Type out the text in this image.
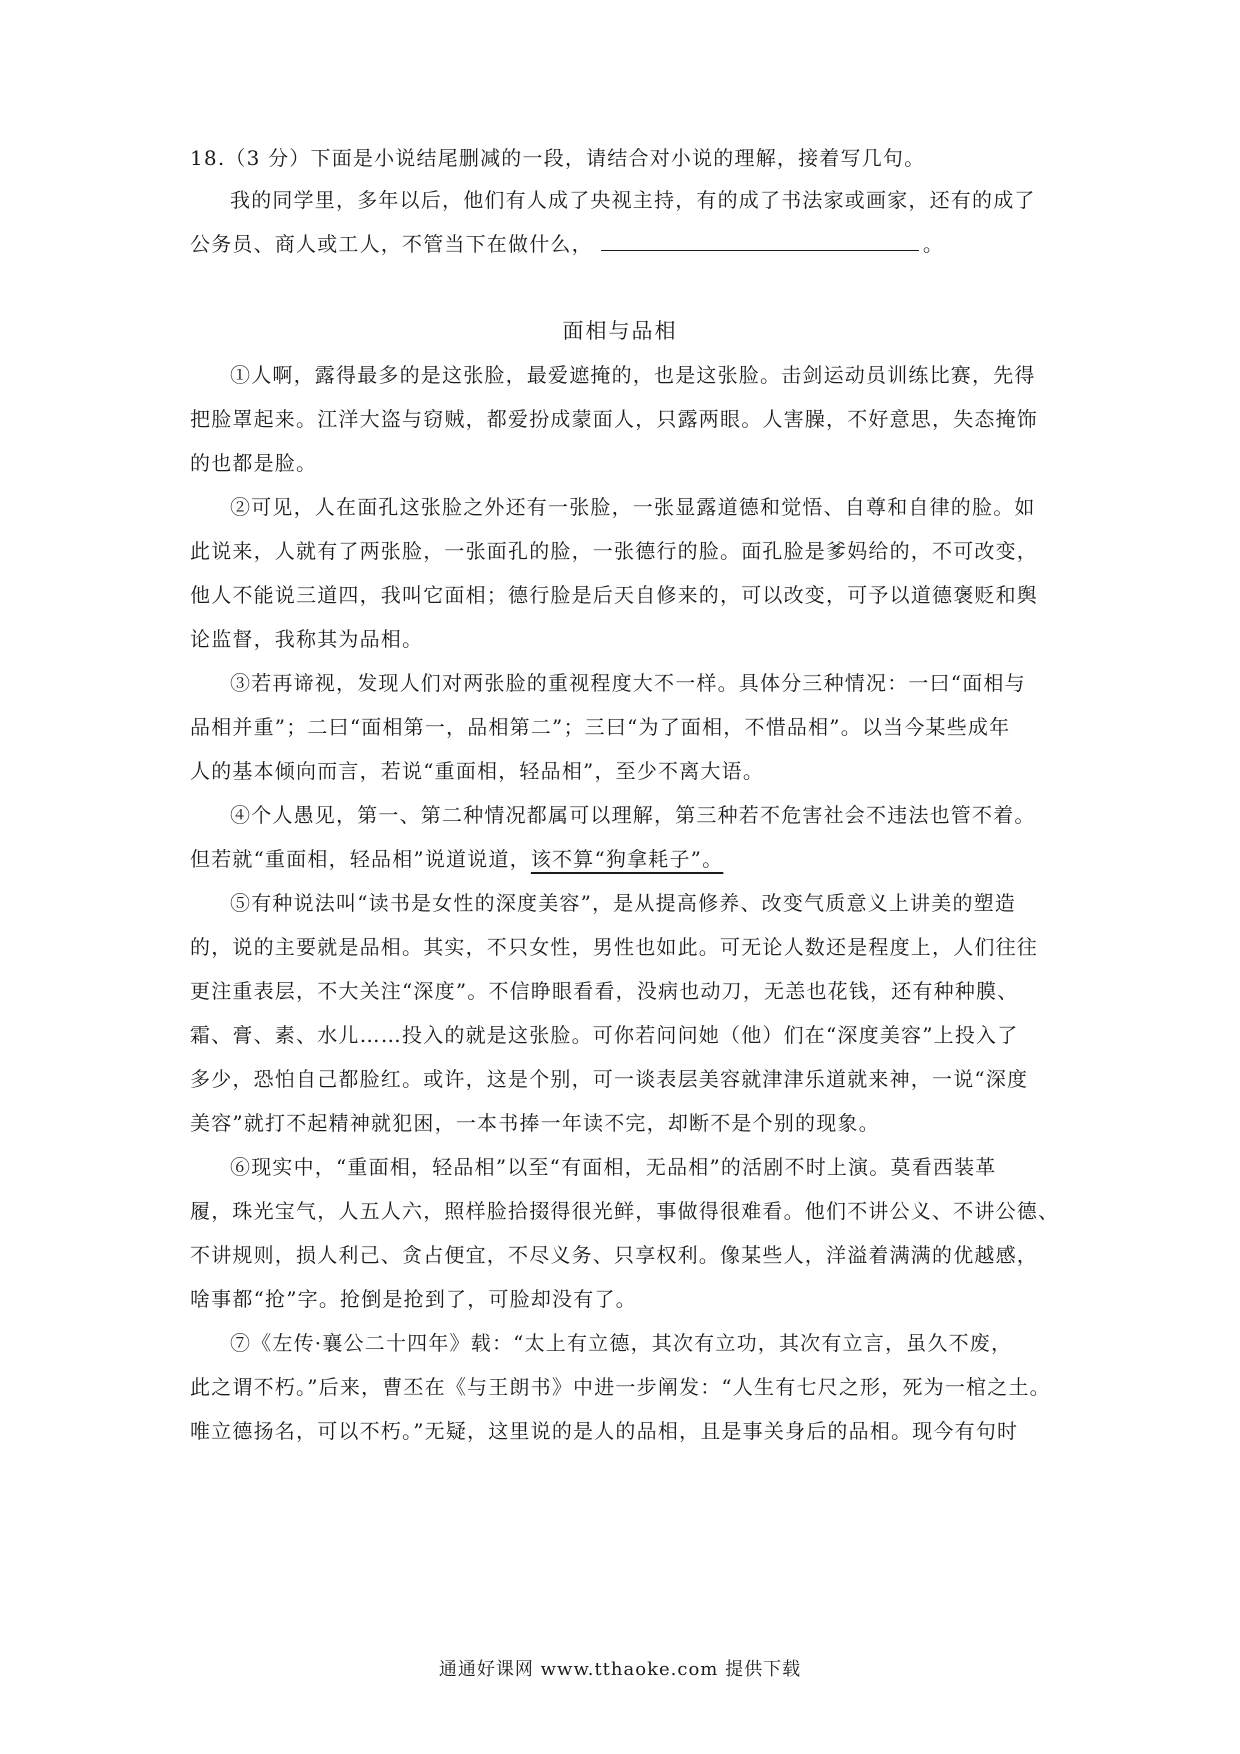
18.（3 分）下面是小说结尾删减的一段，请结合对小说的理解，接着写几句。
我的同学里，多年以后，他们有人成了央视主持，有的成了书法家或画家，还有的成了
公务员、商人或工人，不管当下在做什么，	。
面相与品相
①人啊，露得最多的是这张脸，最爱遮掩的，也是这张脸。击剑运动员训练比赛，先得
把脸罩起来。江洋大盗与窃贼，都爱扮成蒙面人，只露两眼。人害臊，不好意思，失态掩饰
的也都是脸。
②可见，人在面孔这张脸之外还有一张脸，一张显露道德和觉悟、自尊和自律的脸。如
此说来，人就有了两张脸，一张面孔的脸，一张德行的脸。面孔脸是爹妈给的，不可改变，
他人不能说三道四，我叫它面相；德行脸是后天自修来的，可以改变，可予以道德褒贬和舆
论监督，我称其为品相。
③若再谛视，发现人们对两张脸的重视程度大不一样。具体分三种情况：一曰“面相与
品相并重”；二曰“面相第一，品相第二”；三曰“为了面相，不惜品相”。以当今某些成年
人的基本倾向而言，若说“重面相，轻品相”，至少不离大语。
④个人愚见，第一、第二种情况都属可以理解，第三种若不危害社会不违法也管不着。
但若就“重面相，轻品相”说道说道，该不算“狗拿耗子”。
⑤有种说法叫“读书是女性的深度美容”，是从提高修养、改变气质意义上讲美的塑造
的，说的主要就是品相。其实，不只女性，男性也如此。可无论人数还是程度上，人们往往
更注重表层，不大关注“深度”。不信睁眼看看，没病也动刀，无恙也花钱，还有种种膜、
霜、膏、素、水儿……投入的就是这张脸。可你若问问她（他）们在“深度美容”上投入了
多少，恐怕自己都脸红。或许，这是个别，可一谈表层美容就津津乐道就来神，一说“深度
美容”就打不起精神就犯困，一本书捧一年读不完，却断不是个别的现象。
⑥现实中，“重面相，轻品相”以至“有面相，无品相”的活剧不时上演。莫看西装革
履，珠光宝气，人五人六，照样脸拾掇得很光鲜，事做得很难看。他们不讲公义、不讲公德、
不讲规则，损人利己、贪占便宜，不尽义务、只享权利。像某些人，洋溢着满满的优越感，
啥事都“抢”字。抢倒是抢到了，可脸却没有了。
⑦《左传·襄公二十四年》载：“太上有立德，其次有立功，其次有立言，虽久不废，
此之谓不朽。”后来，曹丕在《与王朗书》中进一步阐发：“人生有七尺之形，死为一棺之土。
唯立德扬名，可以不朽。”无疑，这里说的是人的品相，且是事关身后的品相。现今有句时
通通好课网 www.tthaoke.com 提供下载
